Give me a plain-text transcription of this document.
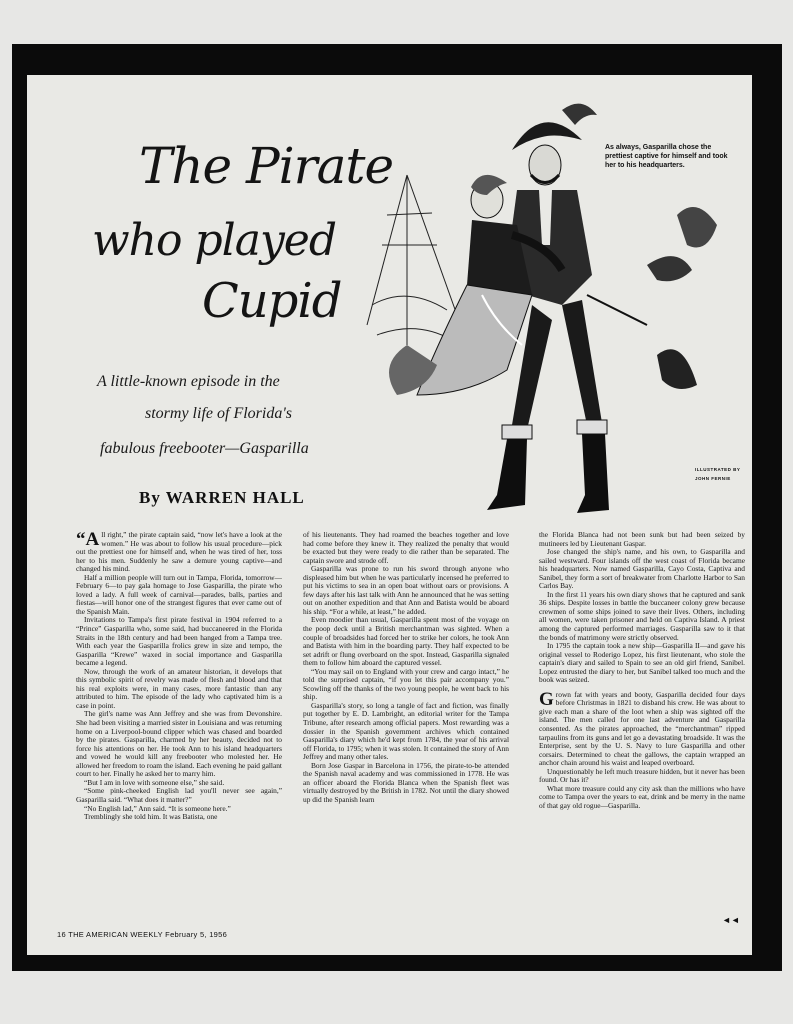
The Pirate
who played
Cupid
A little-known episode in the
stormy life of Florida's
fabulous freebooter—Gasparilla
By WARREN HALL
As always, Gasparilla chose the prettiest captive for himself and took her to his headquarters.
ILLUSTRATED BY
JOHN FERNIE

“All right,” the pirate captain said, “now let's have a look at the women.” He was about to follow his usual procedure—pick out the prettiest one for himself and, when he was tired of her, toss her to his men. Suddenly he saw a demure young captive—and changed his mind.

Half a million people will turn out in Tampa, Florida, tomorrow—February 6—to pay gala homage to Jose Gasparilla, the pirate who loved a lady. A full week of carnival—parades, balls, parties and fiestas—will honor one of the strangest figures that ever came out of the Spanish Main.

Invitations to Tampa's first pirate festival in 1904 referred to a “Prince” Gasparilla who, some said, had buccaneered in the Florida Straits in the 18th century and had been hanged from a Tampa tree. With each year the Gasparilla frolics grew in size and tempo, the Gasparilla “Krewe” waxed in social importance and Gasparilla became a legend.

Now, through the work of an amateur historian, it develops that this symbolic spirit of revelry was made of flesh and blood and that his real exploits were, in many cases, more fantastic than any attributed to him. The episode of the lady who captivated him is a case in point.

The girl's name was Ann Jeffrey and she was from Devonshire. She had been visiting a married sister in Louisiana and was returning home on a Liverpool-bound clipper which was chased and boarded by the pirates. Gasparilla, charmed by her beauty, decided not to force his attentions on her. He took Ann to his island headquarters and vowed he would kill any freebooter who molested her. He allowed her freedom to roam the island. Each evening he paid gallant court to her. Finally he asked her to marry him.

“But I am in love with someone else,” she said.

“Some pink-cheeked English lad you'll never see again,” Gasparilla said. “What does it matter?”

“No English lad,” Ann said. “It is someone here.”

Tremblingly she told him. It was Batista, one

of his lieutenants. They had roamed the beaches together and love had come before they knew it. They realized the penalty that would be exacted but they were ready to die rather than be separated. The captain swore and strode off.

Gasparilla was prone to run his sword through anyone who displeased him but when he was particularly incensed he preferred to put his victims to sea in an open boat without oars or provisions. A few days after his last talk with Ann he announced that he was setting out on another expedition and that Ann and Batista would be aboard his ship. “For a while, at least,” he added.

Even moodier than usual, Gasparilla spent most of the voyage on the poop deck until a British merchantman was sighted. When a couple of broadsides had forced her to strike her colors, he took Ann and Batista with him in the boarding party. They half expected to be set adrift or flung overboard on the spot. Instead, Gasparilla signaled them to follow him aboard the captured vessel.

“You may sail on to England with your crew and cargo intact,” he told the surprised captain, “if you let this pair accompany you.” Scowling off the thanks of the two young people, he went back to his ship.

Gasparilla's story, so long a tangle of fact and fiction, was finally put together by E. D. Lambright, an editorial writer for the Tampa Tribune, after research among official papers. Most rewarding was a dossier in the Spanish government archives which contained Gasparilla's diary which he'd kept from 1784, the year of his arrival off Florida, to 1795; when it was stolen. It contained the story of Ann Jeffrey and many other tales.

Born Jose Gaspar in Barcelona in 1756, the pirate-to-be attended the Spanish naval academy and was commissioned in 1778. He was an officer aboard the Florida Blanca when the Spanish fleet was virtually destroyed by the British in 1782. Not until the diary showed up did the Spanish learn

the Florida Blanca had not been sunk but had been seized by mutineers led by Lieutenant Gaspar.

Jose changed the ship's name, and his own, to Gasparilla and sailed westward. Four islands off the west coast of Florida became his headquarters. Now named Gasparilla, Cayo Costa, Captiva and Sanibel, they form a sort of breakwater from Charlotte Harbor to San Carlos Bay.

In the first 11 years his own diary shows that he captured and sank 36 ships. Despite losses in battle the buccaneer colony grew because crewmen of some ships joined to save their lives. Others, including all women, were taken prisoner and held on Captiva Island. A priest among the captured performed marriages. Gasparilla saw to it that the bonds of matrimony were strictly observed.

In 1795 the captain took a new ship—Gasparilla II—and gave his original vessel to Roderigo Lopez, his first lieutenant, who stole the captain's diary and sailed to Spain to see an old girl friend, Sanibel. Lopez entrusted the diary to her, but Sanibel talked too much and the book was seized.

Grown fat with years and booty, Gasparilla decided four days before Christmas in 1821 to disband his crew. He was about to give each man a share of the loot when a ship was sighted off the island. The men called for one last adventure and Gasparilla consented. As the pirates approached, the “merchantman” ripped tarpaulins from its guns and let go a devastating broadside. It was the Enterprise, sent by the U. S. Navy to lure Gasparilla and other corsairs. Determined to cheat the gallows, the captain wrapped an anchor chain around his waist and leaped overboard.

Unquestionably he left much treasure hidden, but it never has been found. Or has it?

What more treasure could any city ask than the millions who have come to Tampa over the years to eat, drink and be merry in the name of that gay old rogue—Gasparilla.

16 THE AMERICAN WEEKLY February 5, 1956
◄◄
